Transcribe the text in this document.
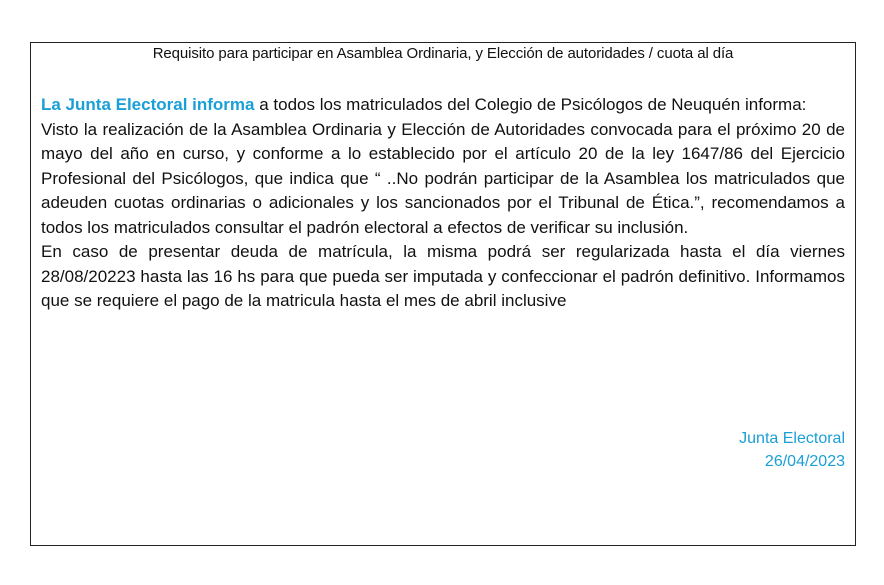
Requisito para participar en Asamblea Ordinaria, y Elección de autoridades / cuota al día

La Junta Electoral informa a todos los matriculados del Colegio de Psicólogos de Neuquén informa:

Visto la realización de la Asamblea Ordinaria y Elección de Autoridades convocada para el próximo 20 de mayo del año en curso, y conforme a lo establecido por el artículo 20 de la ley 1647/86 del Ejercicio Profesional del Psicólogos, que indica que “ ..No podrán participar de la Asamblea los matriculados que adeuden cuotas ordinarias o adicionales y los sancionados por el Tribunal de Ética.”, recomendamos a todos los matriculados consultar el padrón electoral a efectos de verificar su inclusión.

En caso de presentar deuda de matrícula, la misma podrá ser regularizada hasta el día viernes 28/08/20223 hasta las 16 hs para que pueda ser imputada y confeccionar el padrón definitivo. Informamos que se requiere el pago de la matricula hasta el mes de abril inclusive

Junta Electoral
26/04/2023
